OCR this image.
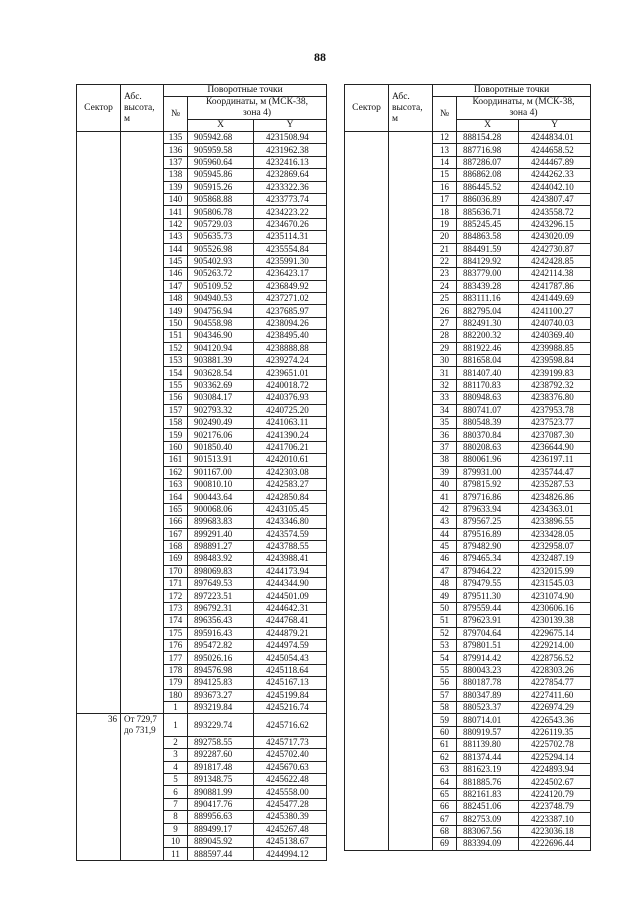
88
Сектор	Абс.
высота,
м	Поворотные точки		
		№	Координаты, м (МСК-38,
зона 4)	
			X	Y
		135	905942.68	4231508.94
		136	905959.58	4231962.38
		137	905960.64	4232416.13
		138	905945.86	4232869.64
		139	905915.26	4233322.36
		140	905868.88	4233773.74
		141	905806.78	4234223.22
		142	905729.03	4234670.26
		143	905635.73	4235114.31
		144	905526.98	4235554.84
		145	905402.93	4235991.30
		146	905263.72	4236423.17
		147	905109.52	4236849.92
		148	904940.53	4237271.02
		149	904756.94	4237685.97
		150	904558.98	4238094.26
		151	904346.90	4238495.40
		152	904120.94	4238888.88
		153	903881.39	4239274.24
		154	903628.54	4239651.01
		155	903362.69	4240018.72
		156	903084.17	4240376.93
		157	902793.32	4240725.20
		158	902490.49	4241063.11
		159	902176.06	4241390.24
		160	901850.40	4241706.21
		161	901513.91	4242010.61
		162	901167.00	4242303.08
		163	900810.10	4242583.27
		164	900443.64	4242850.84
		165	900068.06	4243105.45
		166	899683.83	4243346.80
		167	899291.40	4243574.59
		168	898891.27	4243788.55
		169	898483.92	4243988.41
		170	898069.83	4244173.94
		171	897649.53	4244344.90
		172	897223.51	4244501.09
		173	896792.31	4244642.31
		174	896356.43	4244768.41
		175	895916.43	4244879.21
		176	895472.82	4244974.59
		177	895026.16	4245054.43
		178	894576.98	4245118.64
		179	894125.83	4245167.13
		180	893673.27	4245199.84
		1	893219.84	4245216.74
36	От 729,7
до 731,9	1	893229.74	4245716.62
		2	892758.55	4245717.73
		3	892287.60	4245702.40
		4	891817.48	4245670.63
		5	891348.75	4245622.48
		6	890881.99	4245558.00
		7	890417.76	4245477.28
		8	889956.63	4245380.39
		9	889499.17	4245267.48
		10	889045.92	4245138.67
		11	888597.44	4244994.12
Сектор	Абс.
высота,
м	Поворотные точки		
		№	Координаты, м (МСК-38,
зона 4)	
			X	Y
		12	888154.28	4244834.01
		13	887716.98	4244658.52
		14	887286.07	4244467.89
		15	886862.08	4244262.33
		16	886445.52	4244042.10
		17	886036.89	4243807.47
		18	885636.71	4243558.72
		19	885245.45	4243296.15
		20	884863.58	4243020.09
		21	884491.59	4242730.87
		22	884129.92	4242428.85
		23	883779.00	4242114.38
		24	883439.28	4241787.86
		25	883111.16	4241449.69
		26	882795.04	4241100.27
		27	882491.30	4240740.03
		28	882200.32	4240369.40
		29	881922.46	4239988.85
		30	881658.04	4239598.84
		31	881407.40	4239199.83
		32	881170.83	4238792.32
		33	880948.63	4238376.80
		34	880741.07	4237953.78
		35	880548.39	4237523.77
		36	880370.84	4237087.30
		37	880208.63	4236644.90
		38	880061.96	4236197.11
		39	879931.00	4235744.47
		40	879815.92	4235287.53
		41	879716.86	4234826.86
		42	879633.94	4234363.01
		43	879567.25	4233896.55
		44	879516.89	4233428.05
		45	879482.90	4232958.07
		46	879465.34	4232487.19
		47	879464.22	4232015.99
		48	879479.55	4231545.03
		49	879511.30	4231074.90
		50	879559.44	4230606.16
		51	879623.91	4230139.38
		52	879704.64	4229675.14
		53	879801.51	4229214.00
		54	879914.42	4228756.52
		55	880043.23	4228303.26
		56	880187.78	4227854.77
		57	880347.89	4227411.60
		58	880523.37	4226974.29
		59	880714.01	4226543.36
		60	880919.57	4226119.35
		61	881139.80	4225702.78
		62	881374.44	4225294.14
		63	881623.19	4224893.94
		64	881885.76	4224502.67
		65	882161.83	4224120.79
		66	882451.06	4223748.79
		67	882753.09	4223387.10
		68	883067.56	4223036.18
		69	883394.09	4222696.44
